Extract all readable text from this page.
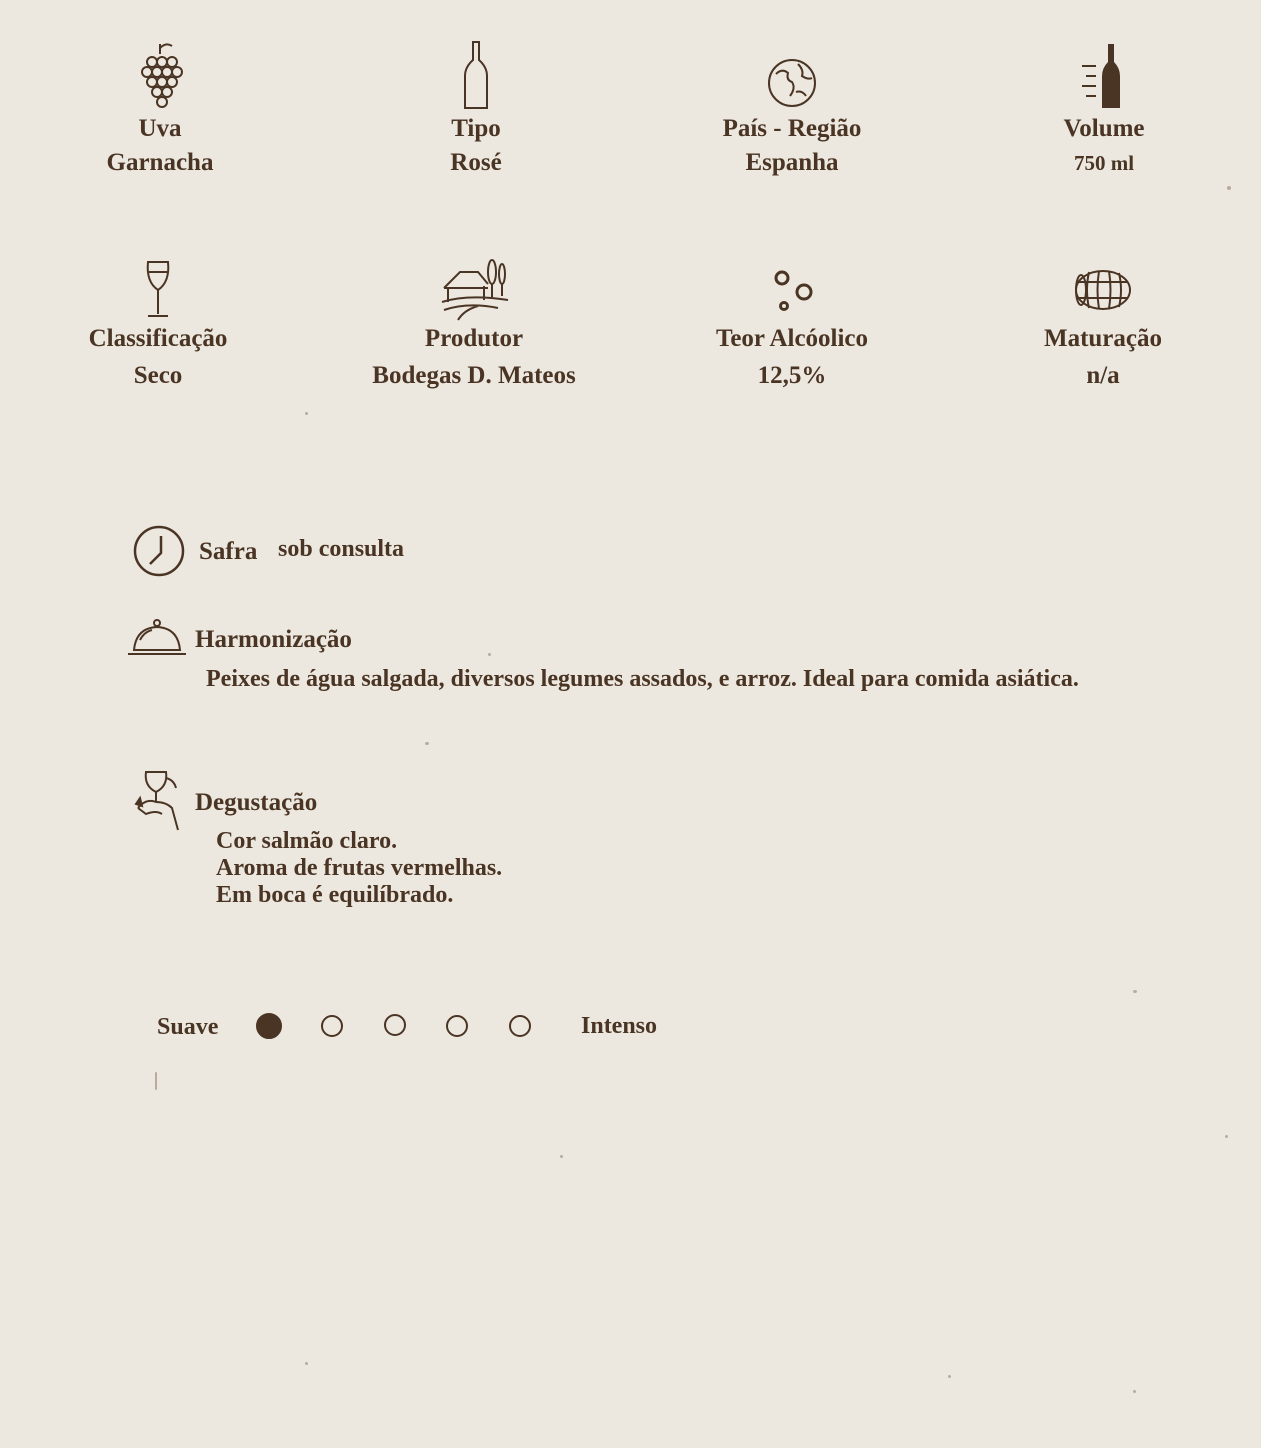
Uva
Garnacha
Tipo
Rosé
País - Região
Espanha
Volume
750 ml
Classificação
Seco
Produtor
Bodegas D. Mateos
Teor Alcóolico
12,5%
Maturação
n/a
Safra sob consulta
Harmonização
Peixes de água salgada, diversos legumes assados, e arroz. Ideal para comida asiática.
Degustação
Cor salmão claro.
Aroma de frutas vermelhas.
Em boca é equilíbrado.
Suave	Intenso
